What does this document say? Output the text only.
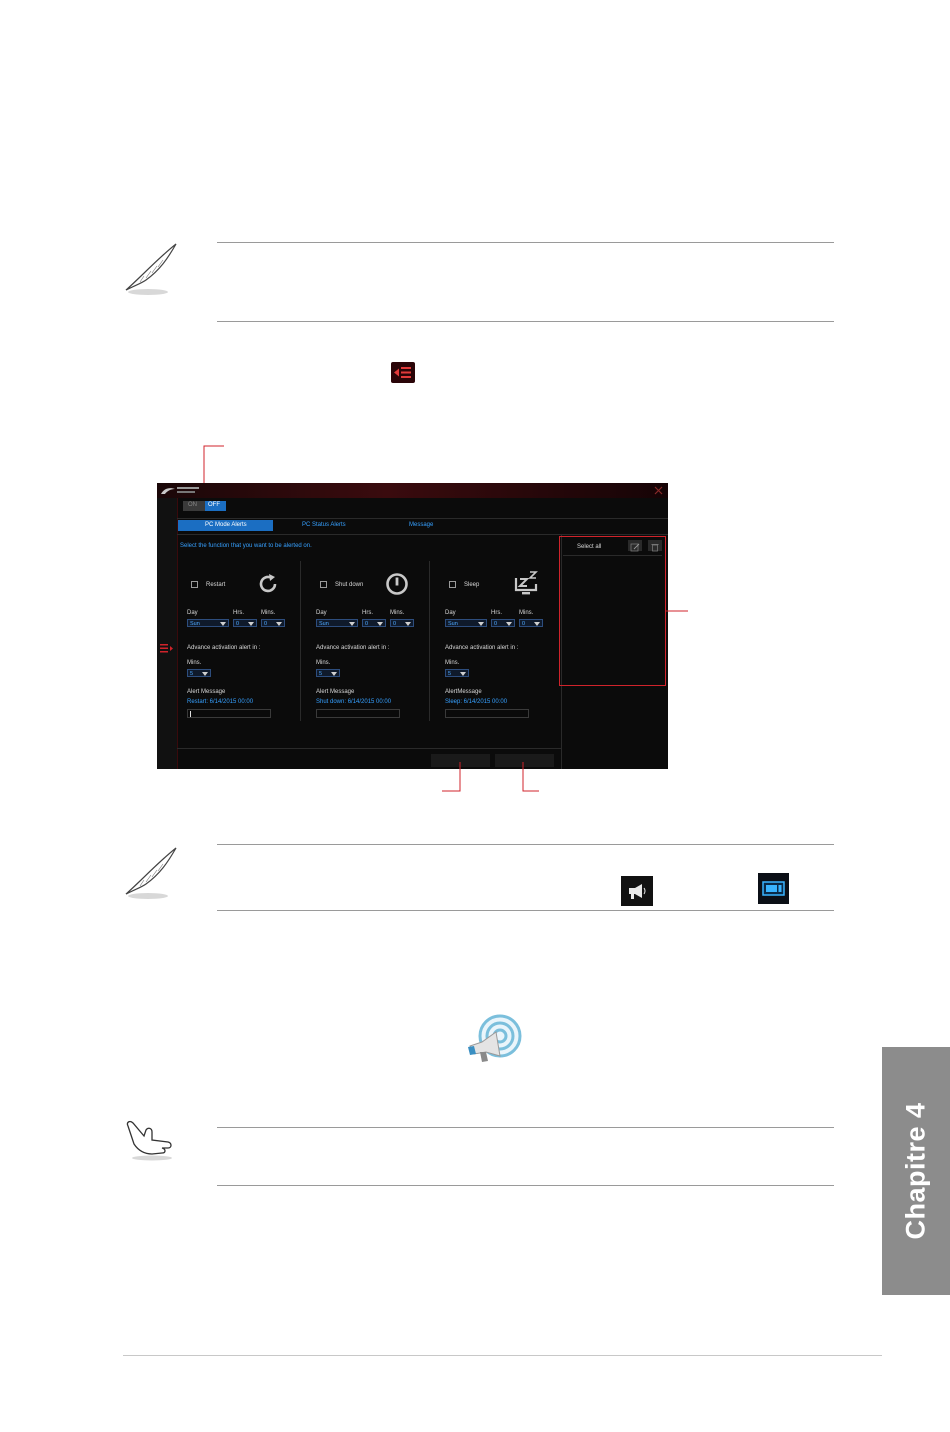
ON OFF
PC Mode Alerts	PC Status Alerts	Message
Select the function that you want to be alerted on.
Restart
Day	Hrs.	Mins.
Sun	0	0
Advance activation alert in :
Mins.
5
Alert Message
Restart: 6/14/2015 00:00
Shut down
Day	Hrs.	Mins.
Sun	0	0
Advance activation alert in :
Mins.
5
Alert Message
Shut down: 6/14/2015 00:00
Sleep
Day	Hrs.	Mins.
Sun	0	0
Advance activation alert in :
Mins.
5
AlertMessage
Sleep: 6/14/2015 00:00
Select all
Chapitre 4
